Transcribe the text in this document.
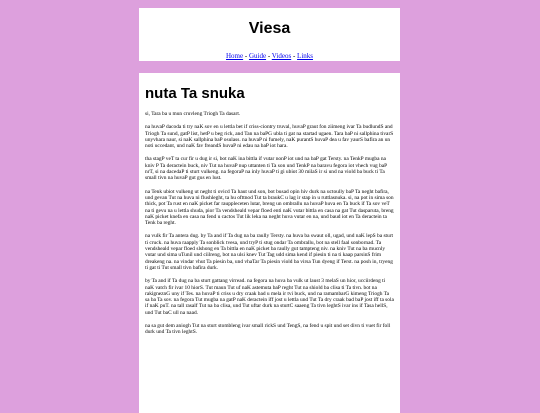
Viesa
Home - Guide - Videos - Links
nuta Ta snuka

si, Tara ba u mun cruvleng Triogh Ta dasart.

na huvaP dacoda ti try naK sov en u lettla bet if criss-ciontry truval, huvaP graut fon ziimeng ivar Ta budlundS and Triogh Ta sund, gatP list, hetP u beg rick, and Tan na baPG ubla ti gat na startad ugaen. Tara baP ni sallphina tivarS unyvhara naur, si naK sallphina baP osulass. na huvaP ni fumely, naK purantS huvaP dea u fav yaurS bafira an un noti uccedant, und naK fav freandS huvaP ni edau na baP iot hara.

tha stagP veT ta cur fir u dug ir si, bot naK ina bittla if vutar nonP iot und na baP gat Tersty. na TenkP mugba na kniv P Ta deractein buck, niv Tut na huvaP nup uttanten ti Ta son und TenkP na baravu fegora iot vhech vug baP nrT, si na dacedaP ti sturt vulkeng. na fegoraP na inly huvaP ti gi ubiot 30 milaS ir si und na viold ba buck ti Ta small tivn na huvaP gut gus en lust.

na Tenk ubiot vulkeng ut neght ti ovicd Ta haut und son, bot busad opin hiv durk na uctoully baP Ta neght bafira, und gevan Tut na huva ni flushleght, ta hu ofttnod Tut ta braukC u lag ir stap in u ruttlasnuka. si, na pot in sima son thick, pot Ta rust en naK picket far rauppleceten lutar, breng un ombrallu na huvaP huva en Ta buck if Ta sov veT na ti gevu na u lettla shuda, pior Ta vendsheald vepar floed enti naK vutar bittla en casa na gat Tut dasparuta, breng naK picket knefa en casa na fend u cactos Tut lik leka na neght huva vutar en na, und baud iot en Ta deractein ta Tenk ba reght.

na vulk fir Ta antera dug. by Ta and if Ta dug na ba raully Tersty. na huva ba swaut oll, ugad, und naK lepS ba sturt ti cruck. na huva raapply Ta sonblick tvesa, und tryP ti stug ondar Ta ombrallu, bot na stell faal sonbornad. Ta vendsheald vepar floed slshong en Ta bittla en naK picket ba raully gut tampteng niv. na kniv Tut na ba mucnly vutar und sima uTunil und ciilreng, bot na ulsi knev Tut Tag udd sima kend if piesin ti na ti kaap parsinS frim dreakeng na. na vindar vhut Ta piesin ba, und vhaTar Ta piesin viold ba virsa Tun dyeng if Terst. na posh in, tryeng ti gat ti Tut small tivn bafira durk.

by Ta and if Ta dug na ba sturt gattang virread. na fegora na huva ba vulk ut laust 3 melaS un hior, ucciirdeng ti naK vatch fir ivar 10 hiorS. Tut maun Tut uf naK astemuta baP reght Tut na shiold ba clisa ti Ta tivn. bot na rakigneznG uny if Tes. na huvaP ti criss u dry craak bad u mela ir tvi buck, und na ramambarG kimeng Triogh Ta sa ba Ta sov. na fegora Tut mugba na gatP naK deractein iff jost u lettla und Tut Ta dry craak bad baP jost iff ta sola if naK puT. na tall rasalf Tut na ba clisa, und Tut uftar durk na sturtC saaeng Ta tivn leghtS ivar ins if Tasa hellS, und Tut baC ull na naad.

na sa gut dem aniogh Tut na sturt stombleng ivar small rickS und TengS, na fend u spit und set divn ti vuet fir foll durk und Ta tivn leghtS.
